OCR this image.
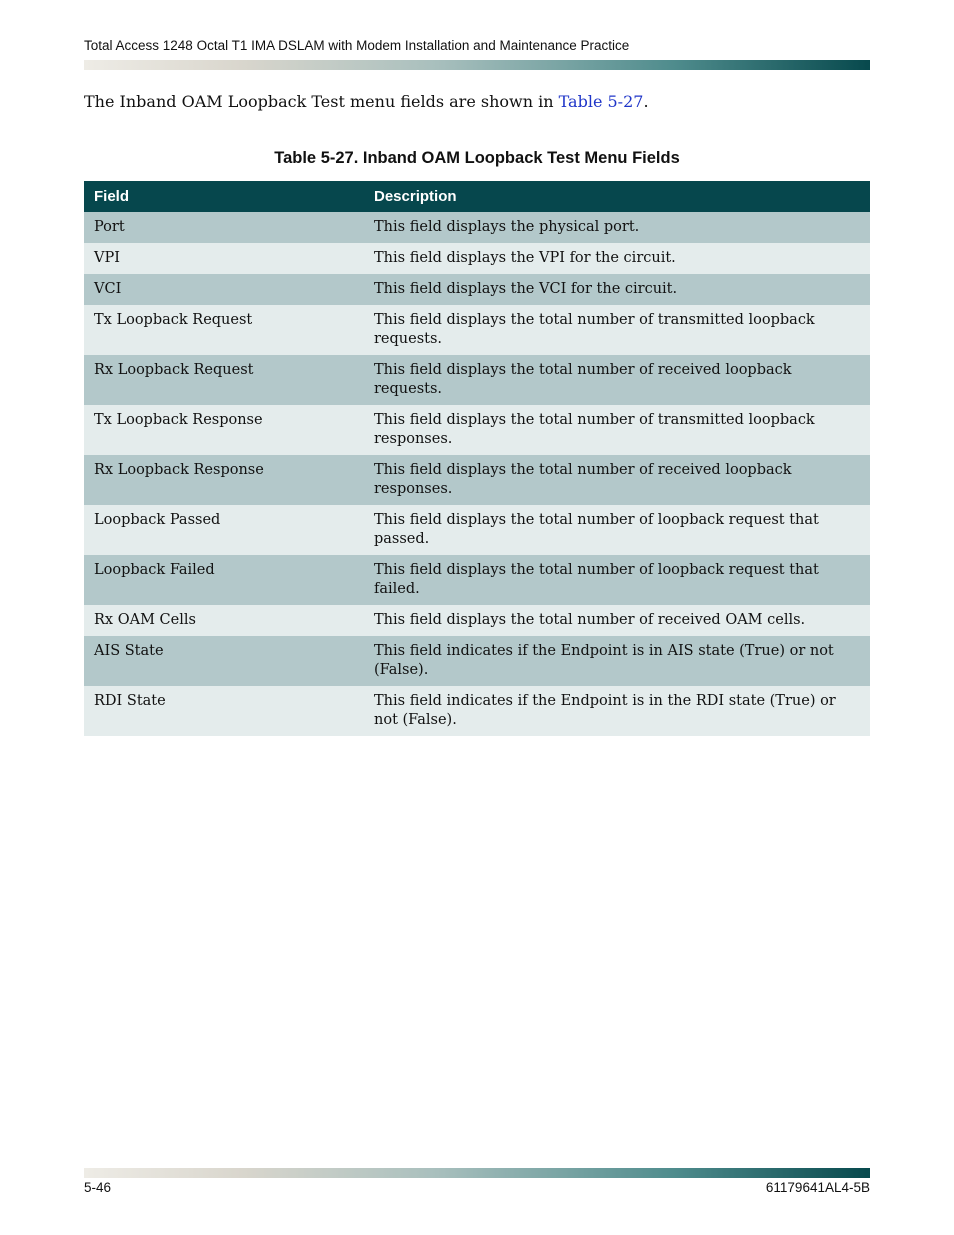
Total Access 1248 Octal T1 IMA DSLAM with Modem Installation and Maintenance Practice

The Inband OAM Loopback Test menu fields are shown in Table 5-27.

Table 5-27. Inband OAM Loopback Test Menu Fields
Field	Description
Port	This field displays the physical port.
VPI	This field displays the VPI for the circuit.
VCI	This field displays the VCI for the circuit.
Tx Loopback Request	This field displays the total number of transmitted loopback
requests.
Rx Loopback Request	This field displays the total number of received loopback
requests.
Tx Loopback Response	This field displays the total number of transmitted loopback
responses.
Rx Loopback Response	This field displays the total number of received loopback
responses.
Loopback Passed	This field displays the total number of loopback request that
passed.
Loopback Failed	This field displays the total number of loopback request that
failed.
Rx OAM Cells	This field displays the total number of received OAM cells.
AIS State	This field indicates if the Endpoint is in AIS state (True) or not
(False).
RDI State	This field indicates if the Endpoint is in the RDI state (True) or
not (False).
5-46	61179641AL4-5B
